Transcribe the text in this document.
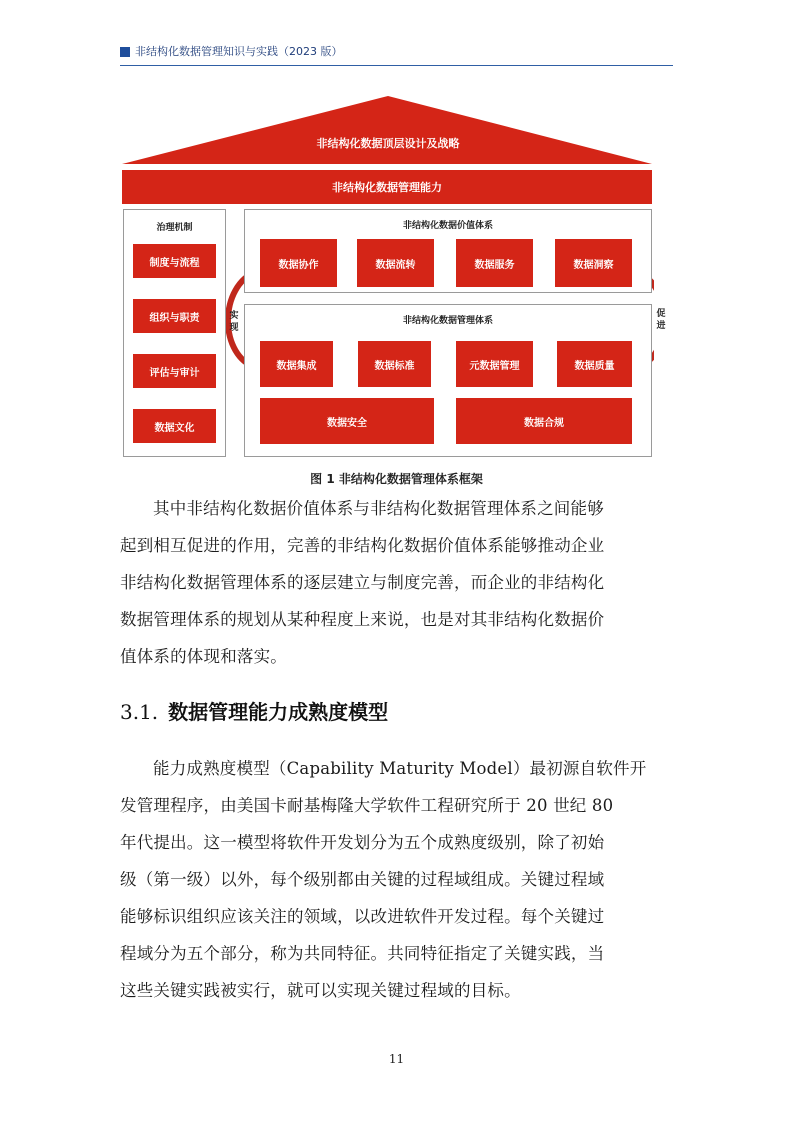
非结构化数据管理知识与实践（2023 版）
非结构化数据顶层设计及战略
非结构化数据管理能力
治理机制
制度与流程
组织与职责
评估与审计
数据文化
非结构化数据价值体系
数据协作	数据流转	数据服务	数据洞察
非结构化数据管理体系
数据集成	数据标准	元数据管理	数据质量
数据安全	数据合规
实现
促进
图 1 非结构化数据管理体系框架

其中非结构化数据价值体系与非结构化数据管理体系之间能够

起到相互促进的作用，完善的非结构化数据价值体系能够推动企业

非结构化数据管理体系的逐层建立与制度完善，而企业的非结构化

数据管理体系的规划从某种程度上来说，也是对其非结构化数据价

值体系的体现和落实。

3.1. 数据管理能力成熟度模型

能力成熟度模型（Capability Maturity Model）最初源自软件开

发管理程序，由美国卡耐基梅隆大学软件工程研究所于 20 世纪 80

年代提出。这一模型将软件开发划分为五个成熟度级别，除了初始

级（第一级）以外，每个级别都由关键的过程域组成。关键过程域

能够标识组织应该关注的领域，以改进软件开发过程。每个关键过

程域分为五个部分，称为共同特征。共同特征指定了关键实践，当

这些关键实践被实行，就可以实现关键过程域的目标。

11
